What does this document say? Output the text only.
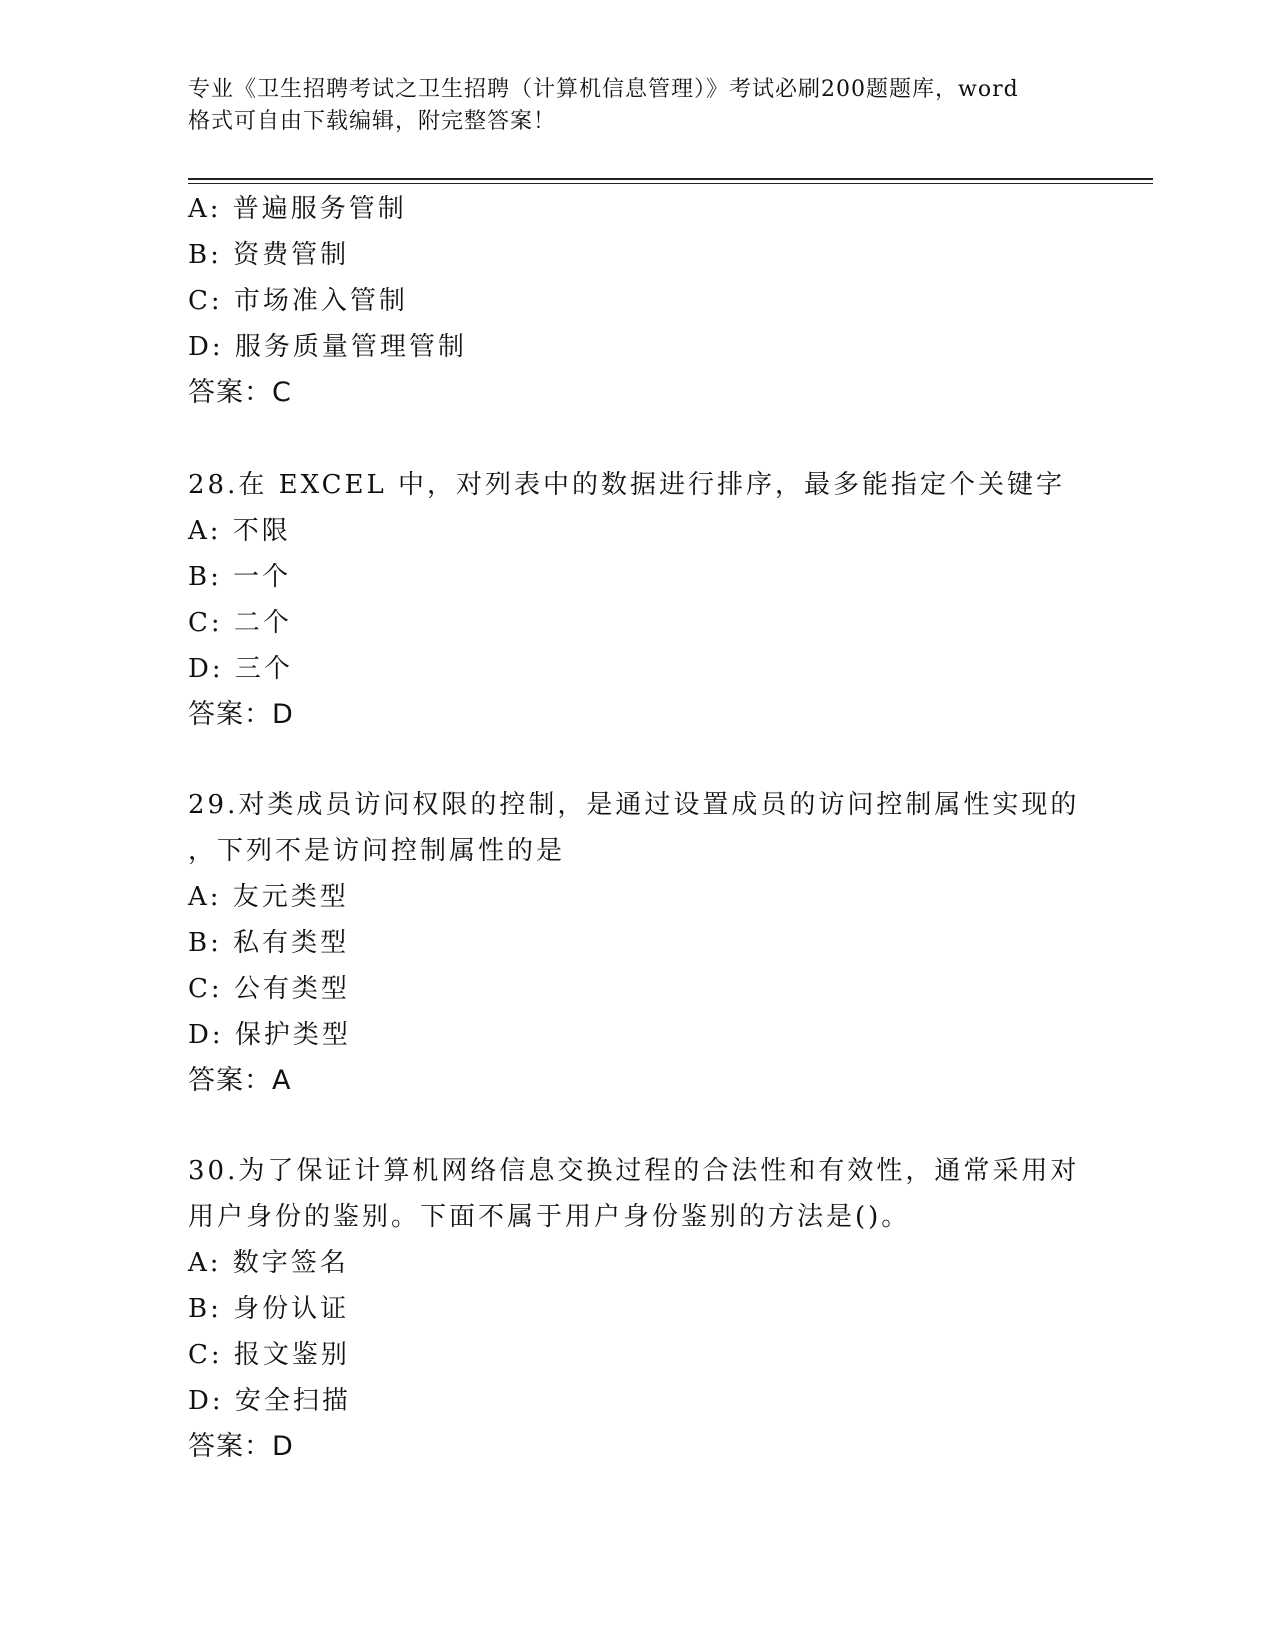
专业《卫生招聘考试之卫生招聘（计算机信息管理）》考试必刷200题题库，word
格式可自由下载编辑，附完整答案！
A: 普遍服务管制
B: 资费管制
C: 市场准入管制
D: 服务质量管理管制
答案：C
28.在 EXCEL 中，对列表中的数据进行排序，最多能指定个关键字
A: 不限
B: 一个
C: 二个
D: 三个
答案：D
29.对类成员访问权限的控制，是通过设置成员的访问控制属性实现的
，下列不是访问控制属性的是
A: 友元类型
B: 私有类型
C: 公有类型
D: 保护类型
答案：A
30.为了保证计算机网络信息交换过程的合法性和有效性，通常采用对
用户身份的鉴别。下面不属于用户身份鉴别的方法是()。
A: 数字签名
B: 身份认证
C: 报文鉴别
D: 安全扫描
答案：D
